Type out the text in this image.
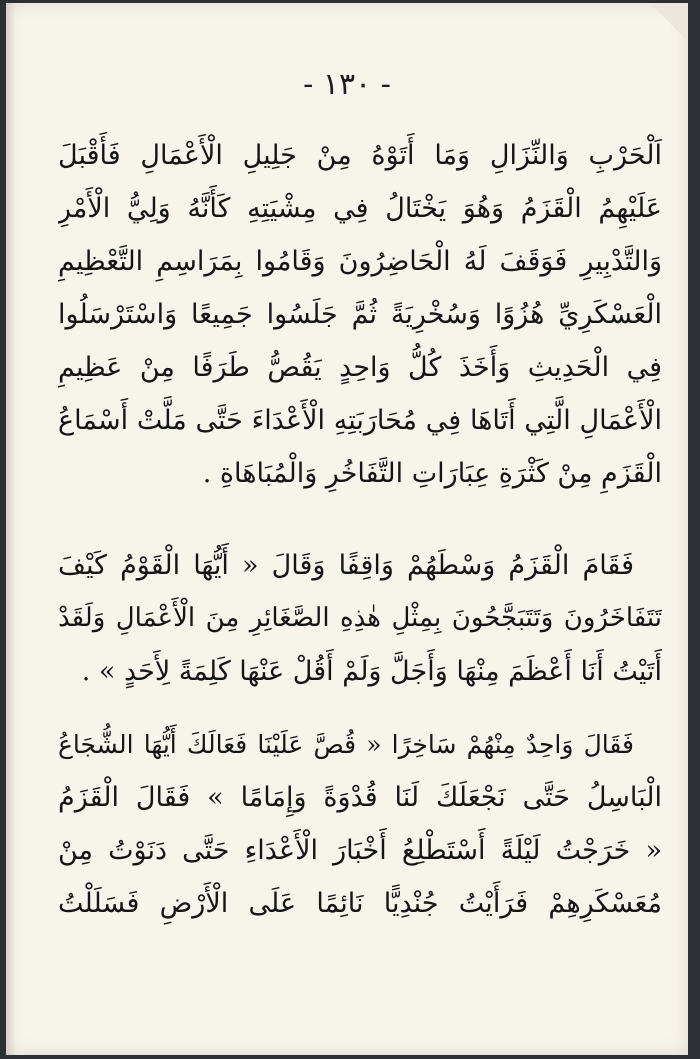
- ١٣٠ -
اَلْحَرْبِ وَالنِّزَالِ وَمَا أَتَوْهُ مِنْ جَلِيلِ الْأَعْمَالِ فَأَقْبَلَ
عَلَيْهِمُ الْقَزَمُ وَهُوَ يَخْتَالُ فِي مِشْيَتِهِ كَأَنَّهُ وَلِيُّ الْأَمْرِ
وَالتَّدْبِيرِ فَوَقَفَ لَهُ الْحَاضِرُونَ وَقَامُوا بِمَرَاسِمِ التَّعْظِيمِ
الْعَسْكَرِيِّ هُزُوًا وَسُخْرِيَةً ثُمَّ جَلَسُوا جَمِيعًا وَاسْتَرْسَلُوا
فِي الْحَدِيثِ وَأَخَذَ كُلُّ وَاحِدٍ يَقُصُّ طَرَفًا مِنْ عَظِيمِ
الْأَعْمَالِ الَّتِي أَتَاهَا فِي مُحَارَبَتِهِ الْأَعْدَاءَ حَتَّى مَلَّتْ أَسْمَاعُ
الْقَزَمِ مِنْ كَثْرَةِ عِبَارَاتِ التَّفَاخُرِ وَالْمُبَاهَاةِ .
فَقَامَ الْقَزَمُ وَسْطَهُمْ وَاقِفًا وَقَالَ « أَيُّهَا الْقَوْمُ كَيْفَ
تَتَفَاخَرُونَ وَتَتَبَجَّحُونَ بِمِثْلِ هٰذِهِ الصَّغَائِرِ مِنَ الْأَعْمَالِ وَلَقَدْ
أَتَيْتُ أَنَا أَعْظَمَ مِنْهَا وَأَجَلَّ وَلَمْ أَقُلْ عَنْهَا كَلِمَةً لِأَحَدٍ » .
فَقَالَ وَاحِدٌ مِنْهُمْ سَاخِرًا « قُصَّ عَلَيْنَا فَعَالَكَ أَيُّهَا الشُّجَاعُ
الْبَاسِلُ حَتَّى نَجْعَلَكَ لَنَا قُدْوَةً وَإِمَامًا » فَقَالَ الْقَزَمُ
« خَرَجْتُ لَيْلَةً أَسْتَطْلِعُ أَخْبَارَ الْأَعْدَاءِ حَتَّى دَنَوْتُ مِنْ
مُعَسْكَرِهِمْ فَرَأَيْتُ جُنْدِيًّا نَائِمًا عَلَى الْأَرْضِ فَسَلَلْتُ
